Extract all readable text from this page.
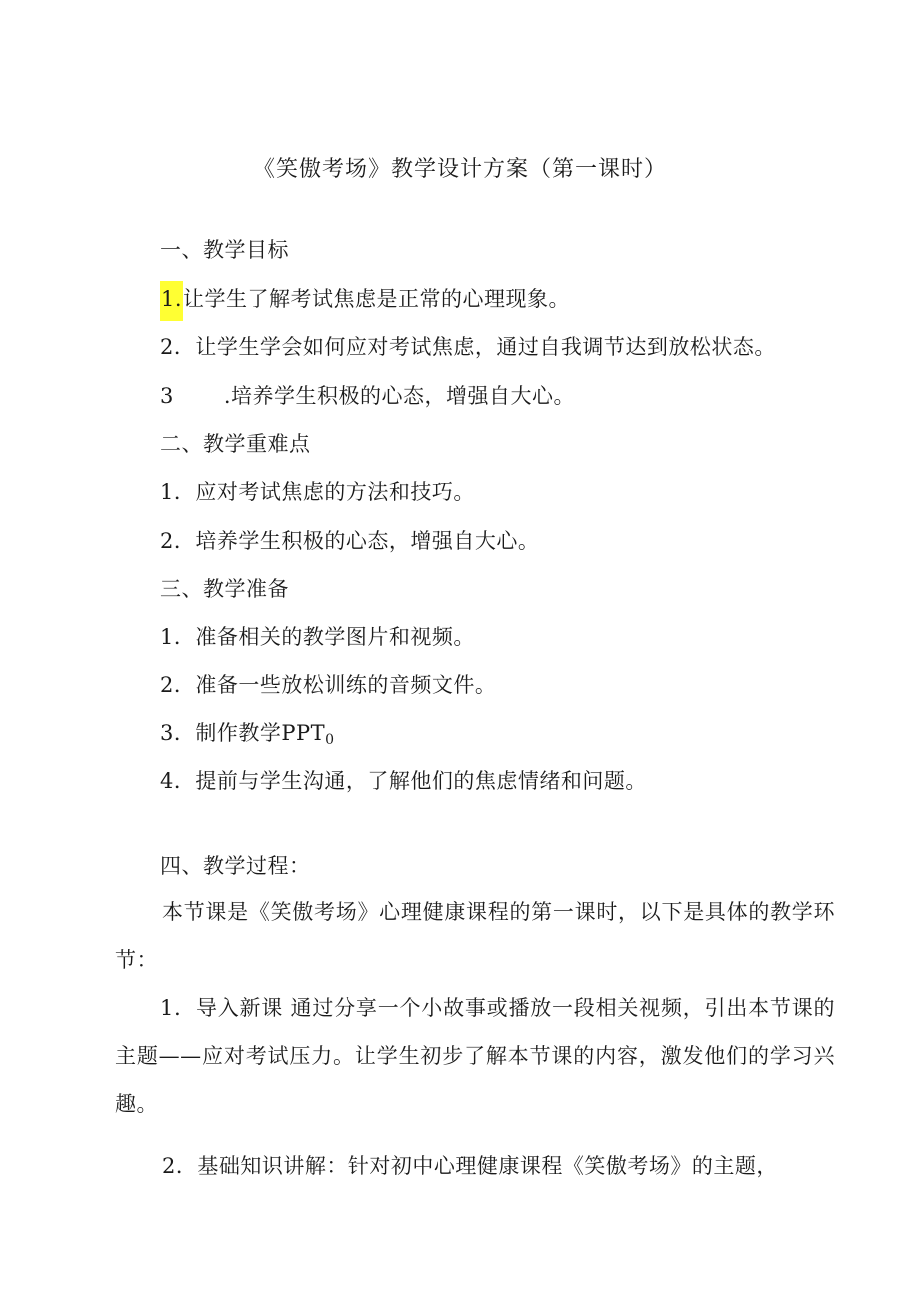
《笑傲考场》教学设计方案（第一课时）
一、教学目标
1.让学生了解考试焦虑是正常的心理现象。
2．让学生学会如何应对考试焦虑，通过自我调节达到放松状态。
3 .培养学生积极的心态，增强自大心。
二、教学重难点
1．应对考试焦虑的方法和技巧。
2．培养学生积极的心态，增强自大心。
三、教学准备
1．准备相关的教学图片和视频。
2．准备一些放松训练的音频文件。
3．制作教学$PPT_0$
4．提前与学生沟通，了解他们的焦虑情绪和问题。
四、教学过程：
本节课是《笑傲考场》心理健康课程的第一课时，以下是具体的教学环节：
1．导入新课 通过分享一个小故事或播放一段相关视频，引出本节课的主题——应对考试压力。让学生初步了解本节课的内容，激发他们的学习兴趣。
2．基础知识讲解：针对初中心理健康课程《笑傲考场》的主题，
